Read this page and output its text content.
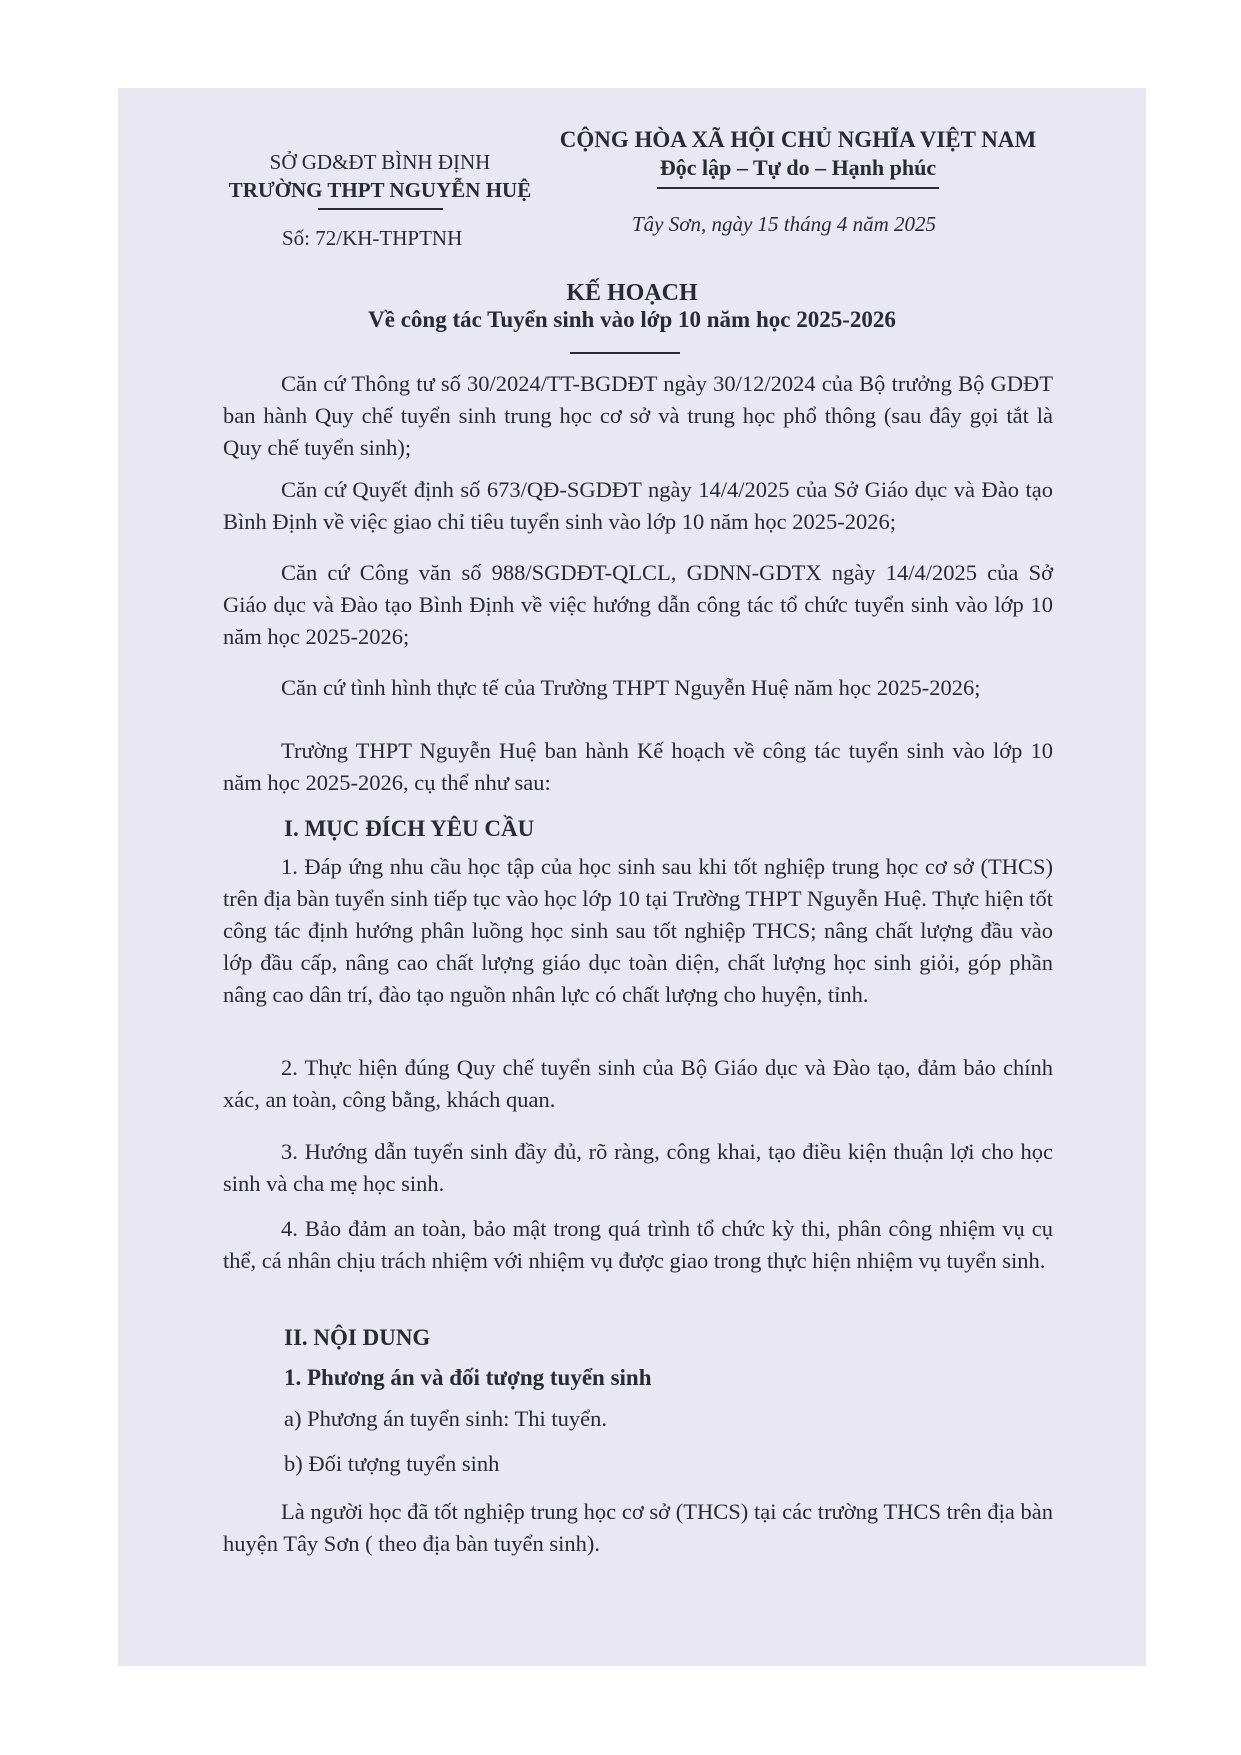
SỞ GD&ĐT BÌNH ĐỊNH
TRƯỜNG THPT NGUYỄN HUỆ
Số: 72/KH-THPTNH
CỘNG HÒA XÃ HỘI CHỦ NGHĨA VIỆT NAM
Độc lập – Tự do – Hạnh phúc
Tây Sơn, ngày 15 tháng 4 năm 2025
KẾ HOẠCH
Về công tác Tuyển sinh vào lớp 10 năm học 2025-2026
Căn cứ Thông tư số 30/2024/TT-BGDĐT ngày 30/12/2024 của Bộ trưởng Bộ GDĐT ban hành Quy chế tuyển sinh trung học cơ sở và trung học phổ thông (sau đây gọi tắt là Quy chế tuyển sinh);
Căn cứ Quyết định số 673/QĐ-SGDĐT ngày 14/4/2025 của Sở Giáo dục và Đào tạo Bình Định về việc giao chỉ tiêu tuyển sinh vào lớp 10 năm học 2025-2026;
Căn cứ Công văn số 988/SGDĐT-QLCL, GDNN-GDTX ngày 14/4/2025 của Sở Giáo dục và Đào tạo Bình Định về việc hướng dẫn công tác tổ chức tuyển sinh vào lớp 10 năm học 2025-2026;
Căn cứ tình hình thực tế của Trường THPT Nguyễn Huệ năm học 2025-2026;
Trường THPT Nguyễn Huệ ban hành Kế hoạch về công tác tuyển sinh vào lớp 10 năm học 2025-2026, cụ thể như sau:
I. MỤC ĐÍCH YÊU CẦU
1. Đáp ứng nhu cầu học tập của học sinh sau khi tốt nghiệp trung học cơ sở (THCS) trên địa bàn tuyển sinh tiếp tục vào học lớp 10 tại Trường THPT Nguyễn Huệ. Thực hiện tốt công tác định hướng phân luồng học sinh sau tốt nghiệp THCS; nâng chất lượng đầu vào lớp đầu cấp, nâng cao chất lượng giáo dục toàn diện, chất lượng học sinh giỏi, góp phần nâng cao dân trí, đào tạo nguồn nhân lực có chất lượng cho huyện, tỉnh.
2. Thực hiện đúng Quy chế tuyển sinh của Bộ Giáo dục và Đào tạo, đảm bảo chính xác, an toàn, công bằng, khách quan.
3. Hướng dẫn tuyển sinh đầy đủ, rõ ràng, công khai, tạo điều kiện thuận lợi cho học sinh và cha mẹ học sinh.
4. Bảo đảm an toàn, bảo mật trong quá trình tổ chức kỳ thi, phân công nhiệm vụ cụ thể, cá nhân chịu trách nhiệm với nhiệm vụ được giao trong thực hiện nhiệm vụ tuyển sinh.
II. NỘI DUNG
1. Phương án và đối tượng tuyển sinh
a) Phương án tuyển sinh: Thi tuyển.
b) Đối tượng tuyển sinh
Là người học đã tốt nghiệp trung học cơ sở (THCS) tại các trường THCS trên địa bàn huyện Tây Sơn ( theo địa bàn tuyển sinh).
